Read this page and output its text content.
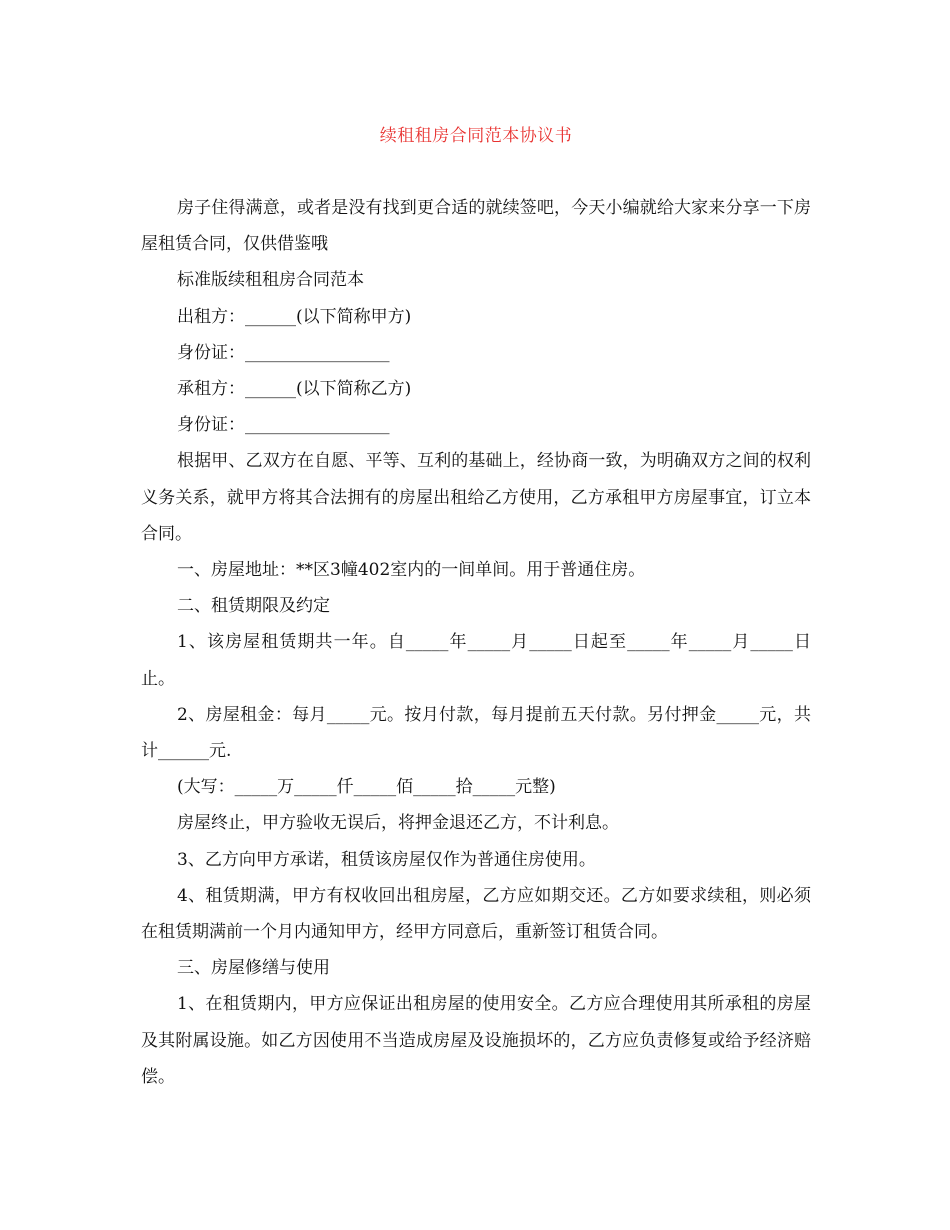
续租租房合同范本协议书

房子住得满意，或者是没有找到更合适的就续签吧，今天小编就给大家来分享一下房屋租赁合同，仅供借鉴哦

标准版续租租房合同范本

出租方：______(以下简称甲方)

身份证：_________________

承租方：______(以下简称乙方)

身份证：_________________

根据甲、乙双方在自愿、平等、互利的基础上，经协商一致，为明确双方之间的权利义务关系，就甲方将其合法拥有的房屋出租给乙方使用，乙方承租甲方房屋事宜，订立本合同。

一、房屋地址：**区3幢402室内的一间单间。用于普通住房。

二、租赁期限及约定

1、该房屋租赁期共一年。自_____年_____月_____日起至_____年_____月_____日止。

2、房屋租金：每月_____元。按月付款，每月提前五天付款。另付押金_____元，共计______元.

(大写：_____万_____仟_____佰_____拾_____元整)

房屋终止，甲方验收无误后，将押金退还乙方，不计利息。

3、乙方向甲方承诺，租赁该房屋仅作为普通住房使用。

4、租赁期满，甲方有权收回出租房屋，乙方应如期交还。乙方如要求续租，则必须在租赁期满前一个月内通知甲方，经甲方同意后，重新签订租赁合同。

三、房屋修缮与使用

1、在租赁期内，甲方应保证出租房屋的使用安全。乙方应合理使用其所承租的房屋及其附属设施。如乙方因使用不当造成房屋及设施损坏的，乙方应负责修复或给予经济赔偿。
